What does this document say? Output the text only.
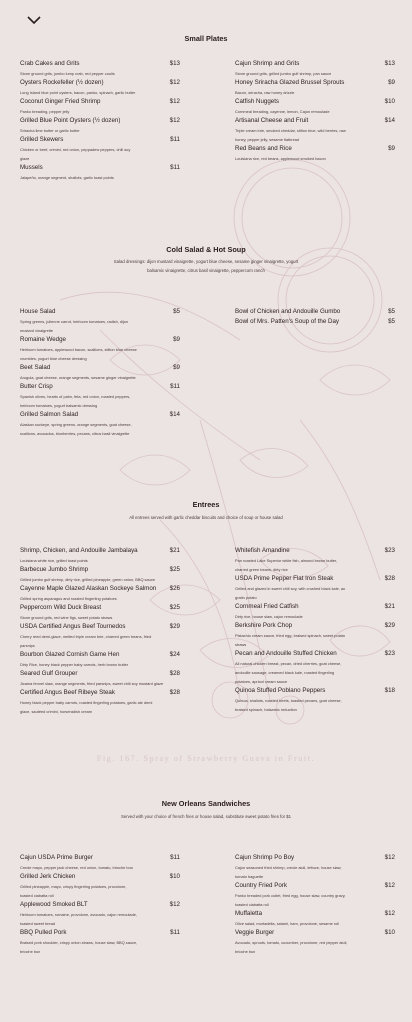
Small Plates
Crab Cakes and Grits	$13
Stone ground grits, jumbo lump crab, red pepper coulis
Oysters Rockefeller (½ dozen)	$12
Long Island blue point oysters, bacon, panko, spinach, garlic butter
Coconut Ginger Fried Shrimp	$12
Panko breading, pepper jelly
Grilled Blue Point Oysters (½ dozen)	$12
Sriracha lime butter or garlic butter
Grilled Skewers	$11
Chicken or beef, crimini, red onion, peppadew peppers, chili soy
glaze
Mussels	$11
Jalapeño, orange segment, shallots, garlic toast points
Cajun Shrimp and Grits	$13
Stone ground grits, grilled jumbo gulf shrimp, pan sauce
Honey Sriracha Glazed Brussel Sprouts	$9
Bacon, sriracha, raw honey drizzle
Catfish Nuggets	$10
Cornmeal breading, cayenne, lemon, Cajun remoulade
Artisanal Cheese and Fruit	$14
Triple cream brie, smoked cheddar, stilton blue, wild berries, raw
honey, pepper jelly, sesame flatbread
Red Beans and Rice	$9
Louisiana rice, red beans, applewood smoked bacon
Cold Salad & Hot Soup
Salad dressings: dijon mustard vinaigrette, yogurt blue cheese, sesame ginger vinaigrette, yogurt balsamic vinaigrette, citrus basil vinaigrette, peppercorn ranch
House Salad	$5
Spring greens, julienne carrot, heirloom tomatoes, radish, dijon
mustard vinaigrette
Romaine Wedge	$9
Heirloom tomatoes, applewood bacon, scallions, stilton blue cheese
crumbles, yogurt blue cheese dressing
Beet Salad	$9
Arugula, goat cheese, orange segments, sesame ginger vinaigrette
Butter Crisp	$11
Spanish olives, hearts of palm, feta, red onion, roasted peppers,
heirloom tomatoes, yogurt balsamic dressing
Grilled Salmon Salad	$14
Alaskan sockeye, spring greens, orange segments, goat cheese,
scallions, avocados, blueberries, pecans, citrus basil vinaigrette
Bowl of Chicken and Andouille Gumbo	$5
Bowl of Mrs. Patten's Soup of the Day	$5
Entrees
All entrees served with garlic cheddar biscuits and choice of soup or house salad
Shrimp, Chicken, and Andouille Jambalaya	$21
Louisiana white rice, grilled toast points
Barbecue Jumbo Shrimp	$25
Grilled jumbo gulf shrimp, dirty rice, grilled pineapple, green onion, BBQ sauce
Cayenne Maple Glazed Alaskan Sockeye Salmon	$26
Grilled spring asparagus and roasted fingerling potatoes
Peppercorn Wild Duck Breast	$25
Stone ground grits, red wine figs, sweet potato straws
USDA Certified Angus Beef Tournedos	$29
Cherry reed demi-glace, melted triple cream brie, charred green beans, fried
parsnips
Bourbon Glazed Cornish Game Hen	$24
Dirty Rice, honey black pepper baby carrots, herb brown butter
Seared Gulf Grouper	$28
Jicama fennel slaw, orange segments, fried parsnips, sweet chili soy mustard glaze
Certified Angus Beef Ribeye Steak	$28
Honey black pepper baby carrots, roasted fingerling potatoes, garlic ale demi
glace, sautéed crimini, horseradish cream
Whitefish Amandine	$23
Pan roasted Lake Superior white fish, almond brown butter,
charred green beans, dirty rice
USDA Prime Pepper Flat Iron Steak	$28
Grilled and glazed in sweet chili soy, with crushed black kale, au
gratin potato
Cornmeal Fried Catfish	$21
Dirty rice, house slaw, cajun remoulade
Berkshire Pork Chop	$29
Pistachio cream sauce, fried egg, braised spinach, sweet potato
straws
Pecan and Andouille Stuffed Chicken	$23
All natural chicken breast, pecan, dried cherries, goat cheese,
andouille sausage, creamed black kale, roasted fingerling
potatoes, apricot cream sauce
Quinoa Stuffed Poblano Peppers	$18
Quinoa, shallots, roasted beets, toasted pecans, goat cheese,
braised spinach, balsamic reduction
Fig. 167. Spray of Strawberry Guava in Fruit.
New Orleans Sandwiches
Served with your choice of french fries or house salad, substitute sweet potato fries for $1
Cajun USDA Prime Burger	$11
Creole mayo, pepper jack cheese, red onion, tomato, brioche bun
Grilled Jerk Chicken	$10
Grilled pineapple, mayo, crispy fingerling potatoes, provolone,
toasted ciabatta roll
Applewood Smoked BLT	$12
Heirloom tomatoes, romaine, provolone, avocado, cajun remoulade,
toasted sweet bread
BBQ Pulled Pork	$11
Braised pork shoulder, crispy onion straws, house slaw, BBQ sauce,
brioche bun
Cajun Shrimp Po Boy	$12
Cajun seasoned fried shrimp, creole aioli, lettuce, house slaw,
tomato baguette
Country Fried Pork	$12
Panko breaded pork cutlet, fried egg, house slaw, country gravy,
toasted ciabatta roll
Muffaletta	$12
Olive salad, mortadella, salami, ham, provolone, sesame roll
Veggie Burger	$10
Avocado, sprouts, tomato, cucumber, provolone, red pepper aioli,
brioche bun
